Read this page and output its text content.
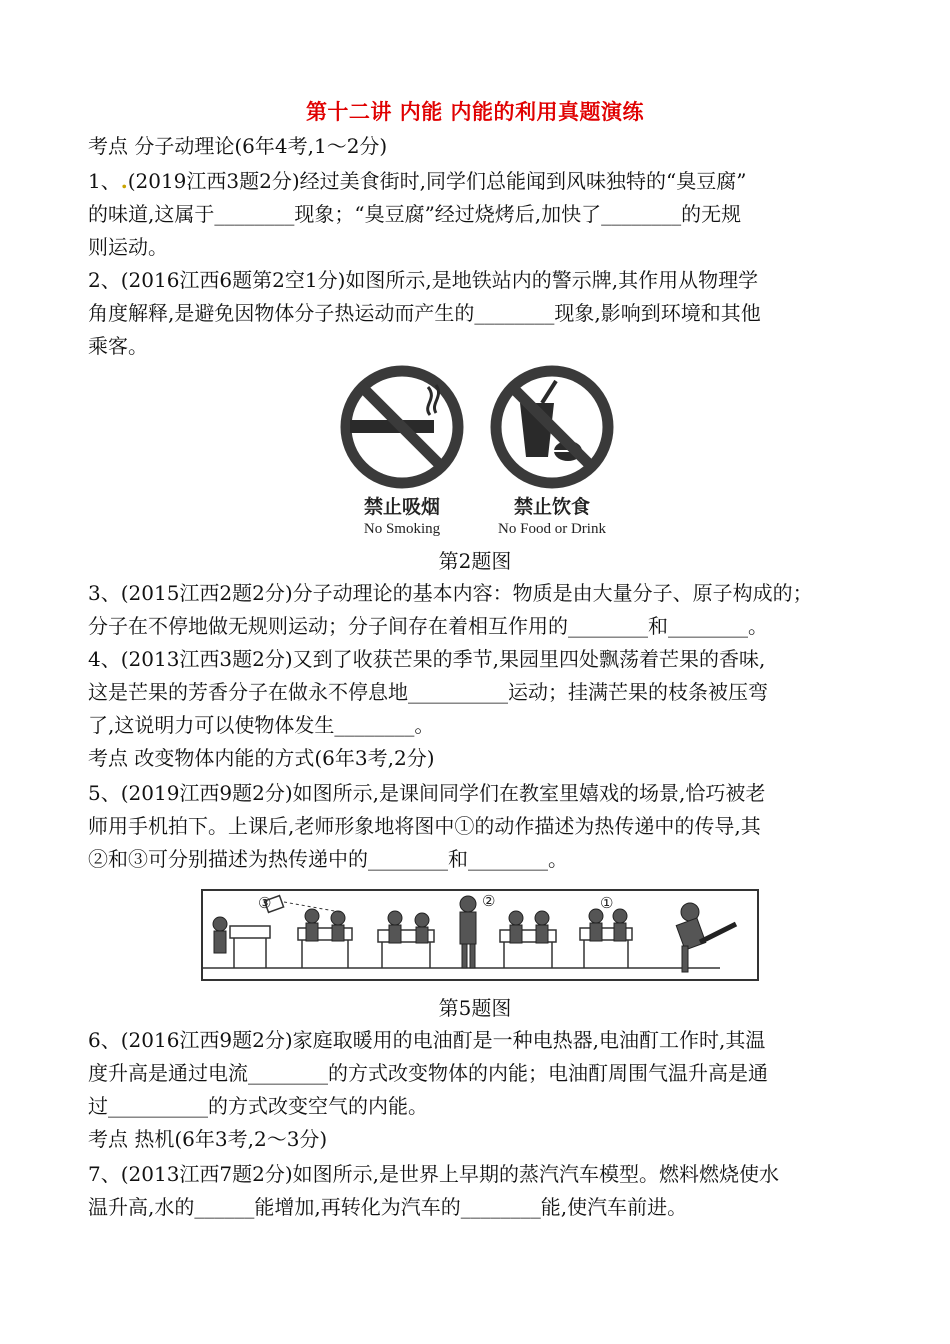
第十二讲 内能 内能的利用真题演练
考点 分子动理论(6年4考,1～2分)
1、.(2019江西3题2分)经过美食街时,同学们总能闻到风味独特的“臭豆腐”
的味道,这属于________现象；“臭豆腐”经过烧烤后,加快了________的无规
则运动。
2、(2016江西6题第2空1分)如图所示,是地铁站内的警示牌,其作用从物理学
角度解释,是避免因物体分子热运动而产生的________现象,影响到环境和其他
乘客。
禁止吸烟
No Smoking
禁止饮食
No Food or Drink
第2题图
3、(2015江西2题2分)分子动理论的基本内容：物质是由大量分子、原子构成的；
分子在不停地做无规则运动；分子间存在着相互作用的________和________。
4、(2013江西3题2分)又到了收获芒果的季节,果园里四处飘荡着芒果的香味,
这是芒果的芳香分子在做永不停息地__________运动；挂满芒果的枝条被压弯
了,这说明力可以使物体发生________。
考点 改变物体内能的方式(6年3考,2分)
5、(2019江西9题2分)如图所示,是课间同学们在教室里嬉戏的场景,恰巧被老
师用手机拍下。上课后,老师形象地将图中①的动作描述为热传递中的传导,其
②和③可分别描述为热传递中的________和________。
③	②	①
第5题图
6、(2016江西9题2分)家庭取暖用的电油酊是一种电热器,电油酊工作时,其温
度升高是通过电流________的方式改变物体的内能；电油酊周围气温升高是通
过__________的方式改变空气的内能。
考点 热机(6年3考,2～3分)
7、(2013江西7题2分)如图所示,是世界上早期的蒸汽汽车模型。燃料燃烧使水
温升高,水的______能增加,再转化为汽车的________能,使汽车前进。
